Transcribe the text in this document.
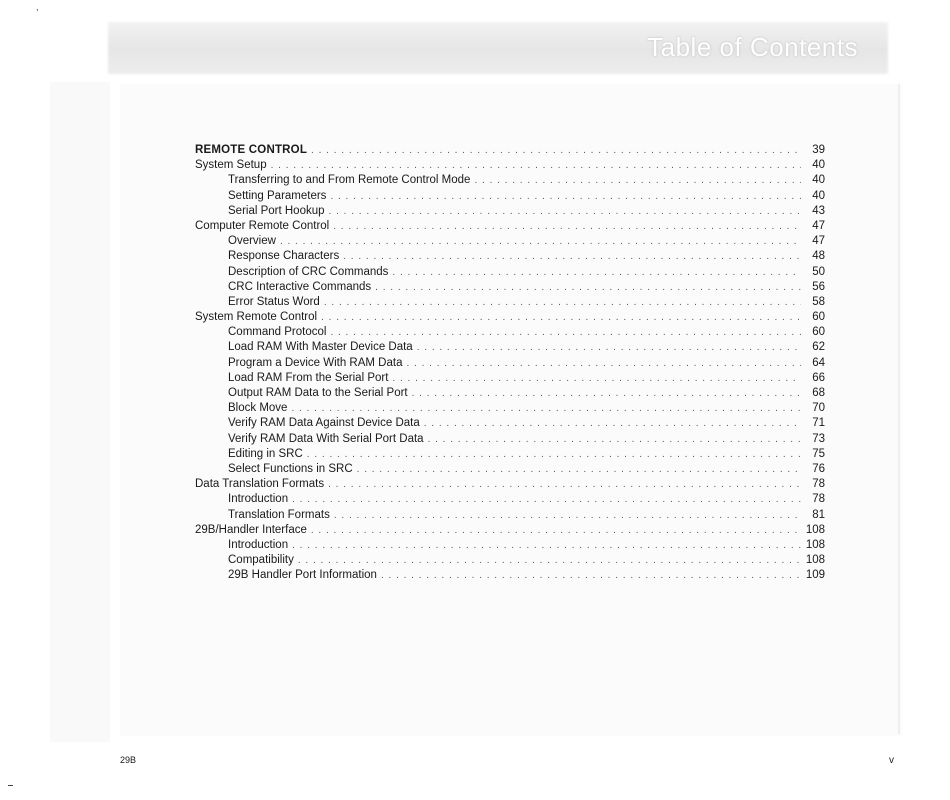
Table of Contents
REMOTE CONTROL . . .	39
System Setup . . .	40
Transferring to and From Remote Control Mode . . .	40
Setting Parameters . . .	40
Serial Port Hookup . . .	43
Computer Remote Control . . .	47
Overview . . .	47
Response Characters . . .	48
Description of CRC Commands . . .	50
CRC Interactive Commands . . .	56
Error Status Word . . .	58
System Remote Control . . .	60
Command Protocol . . .	60
Load RAM With Master Device Data . . .	62
Program a Device With RAM Data . . .	64
Load RAM From the Serial Port . . .	66
Output RAM Data to the Serial Port . . .	68
Block Move . . .	70
Verify RAM Data Against Device Data . . .	71
Verify RAM Data With Serial Port Data . . .	73
Editing in SRC . . .	75
Select Functions in SRC . . .	76
Data Translation Formats . . .	78
Introduction . . .	78
Translation Formats . . .	81
29B/Handler Interface . . .	108
Introduction . . .	108
Compatibility . . .	108
29B Handler Port Information . . .	109
29B	v
,
